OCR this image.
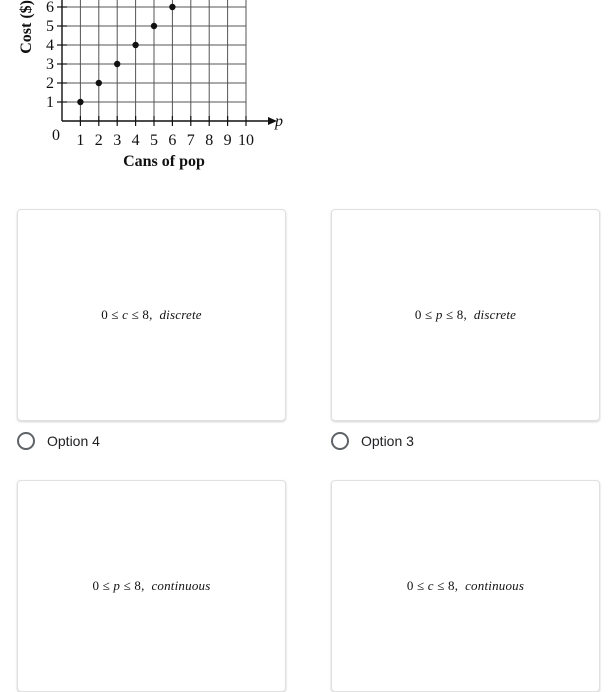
1 2 3 4 5 6 7 8 9 10
1
2
3
4
5
6
0
p
Cans of pop
Cost ($)
0 ≤ c ≤ 8, discrete	0 ≤ p ≤ 8, discrete
Option 4	Option 3
0 ≤ p ≤ 8, continuous	0 ≤ c ≤ 8, continuous
